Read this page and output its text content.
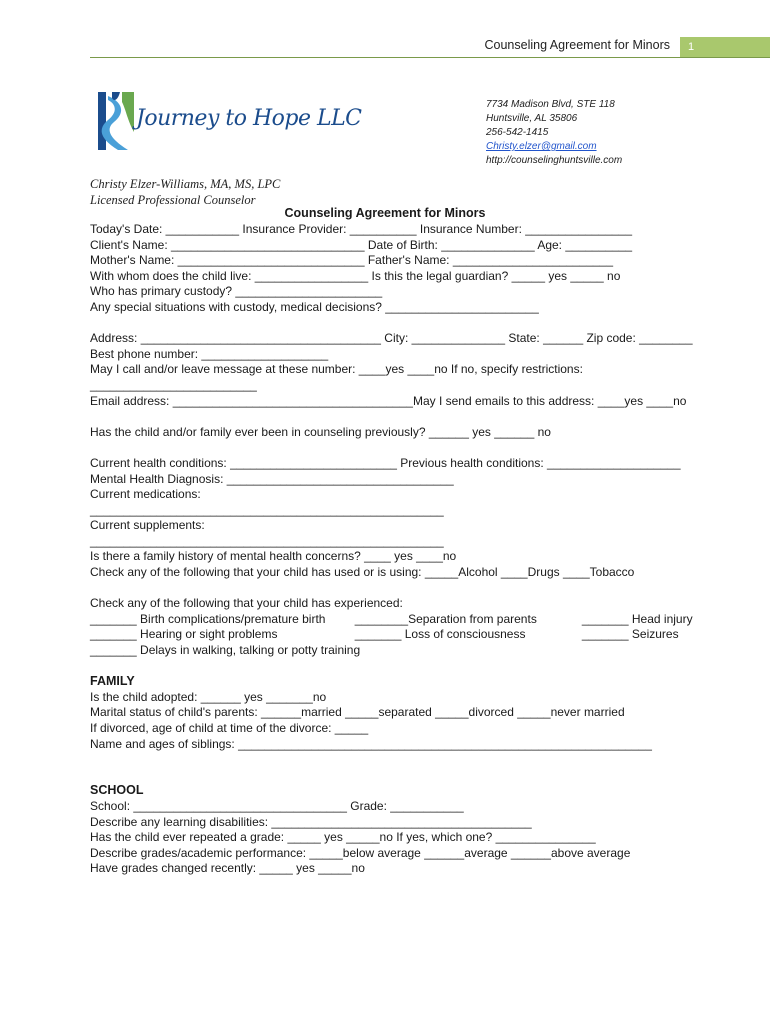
Counseling Agreement for Minors	1
Journey to Hope LLC
7734 Madison Blvd, STE 118
Huntsville, AL 35806
256-542-1415
Christy.elzer@gmail.com
http://counselinghuntsville.com
Christy Elzer-Williams, MA, MS, LPC
Licensed Professional Counselor
Counseling Agreement for Minors
Today's Date: ___________ Insurance Provider: __________ Insurance Number: ________________
Client's Name: _____________________________ Date of Birth: ______________ Age: __________
Mother's Name: ____________________________ Father's Name: ________________________
With whom does the child live: _________________ Is this the legal guardian? _____ yes _____ no
Who has primary custody? ______________________
Any special situations with custody, medical decisions? _______________________
Address: ____________________________________ City: ______________ State: ______ Zip code: ________
Best phone number: ___________________
May I call and/or leave message at these number: ____yes ____no If no, specify restrictions:
_________________________
Email address: ____________________________________May I send emails to this address: ____yes ____no
Has the child and/or family ever been in counseling previously? ______ yes ______ no
Current health conditions: _________________________ Previous health conditions: ____________________
Mental Health Diagnosis: __________________________________
Current medications:
_____________________________________________________
Current supplements:
_____________________________________________________
Is there a family history of mental health concerns? ____ yes ____no
Check any of the following that your child has used or is using: _____Alcohol ____Drugs ____Tobacco
Check any of the following that your child has experienced:
_______ Birth complications/premature birth	________Separation from parents	_______ Head injury
_______ Hearing or sight problems	_______ Loss of consciousness	_______ Seizures
_______ Delays in walking, talking or potty training
FAMILY
Is the child adopted: ______ yes _______no
Marital status of child's parents: ______married _____separated _____divorced _____never married
If divorced, age of child at time of the divorce: _____
Name and ages of siblings: ______________________________________________________________
SCHOOL
School: ________________________________ Grade: ___________
Describe any learning disabilities: _______________________________________
Has the child ever repeated a grade: _____ yes _____no If yes, which one? _______________
Describe grades/academic performance: _____below average ______average ______above average
Have grades changed recently: _____ yes _____no
